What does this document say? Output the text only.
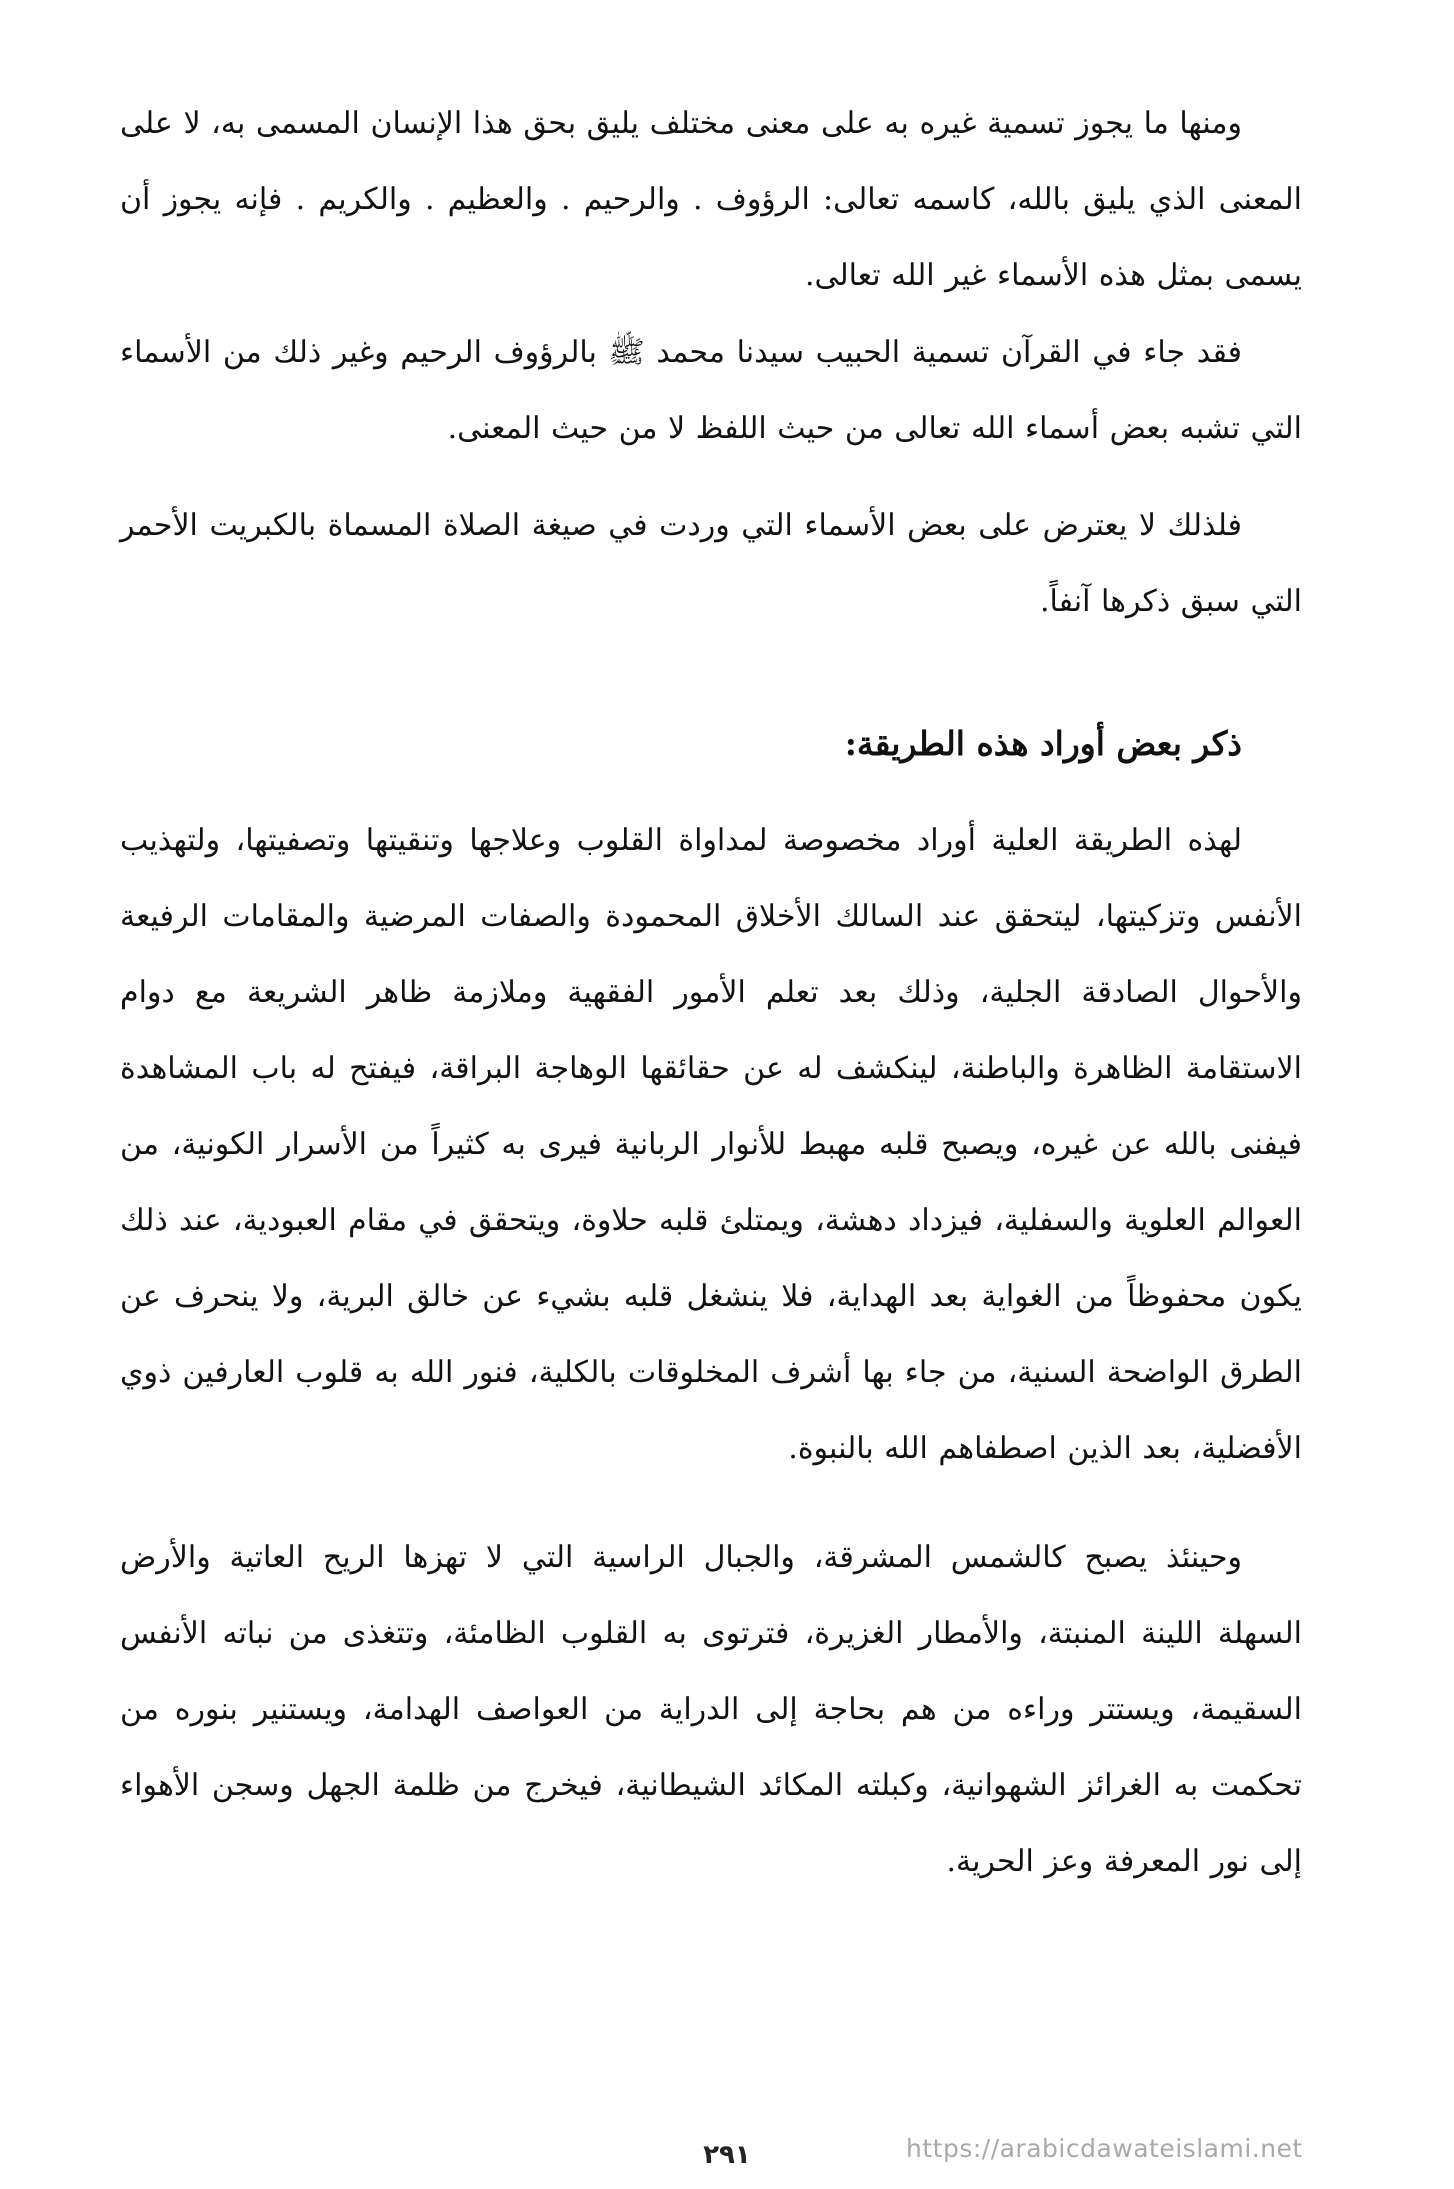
ومنها ما يجوز تسمية غيره به على معنى مختلف يليق بحق هذا الإنسان المسمى به، لا على المعنى الذي يليق بالله، كاسمه تعالى: الرؤوف . والرحيم . والعظيم . والكريم . فإنه يجوز أن يسمى بمثل هذه الأسماء غير الله تعالى.

فقد جاء في القرآن تسمية الحبيب سيدنا محمد ﷺ بالرؤوف الرحيم وغير ذلك من الأسماء التي تشبه بعض أسماء الله تعالى من حيث اللفظ لا من حيث المعنى.

فلذلك لا يعترض على بعض الأسماء التي وردت في صيغة الصلاة المسماة بالكبريت الأحمر التي سبق ذكرها آنفاً.

ذكر بعض أوراد هذه الطريقة:

لهذه الطريقة العلية أوراد مخصوصة لمداواة القلوب وعلاجها وتنقيتها وتصفيتها، ولتهذيب الأنفس وتزكيتها، ليتحقق عند السالك الأخلاق المحمودة والصفات المرضية والمقامات الرفيعة والأحوال الصادقة الجلية، وذلك بعد تعلم الأمور الفقهية وملازمة ظاهر الشريعة مع دوام الاستقامة الظاهرة والباطنة، لينكشف له عن حقائقها الوهاجة البراقة، فيفتح له باب المشاهدة فيفنى بالله عن غيره، ويصبح قلبه مهبط للأنوار الربانية فيرى به كثيراً من الأسرار الكونية، من العوالم العلوية والسفلية، فيزداد دهشة، ويمتلئ قلبه حلاوة، ويتحقق في مقام العبودية، عند ذلك يكون محفوظاً من الغواية بعد الهداية، فلا ينشغل قلبه بشيء عن خالق البرية، ولا ينحرف عن الطرق الواضحة السنية، من جاء بها أشرف المخلوقات بالكلية، فنور الله به قلوب العارفين ذوي الأفضلية، بعد الذين اصطفاهم الله بالنبوة.

وحينئذ يصبح كالشمس المشرقة، والجبال الراسية التي لا تهزها الريح العاتية والأرض السهلة اللينة المنبتة، والأمطار الغزيرة، فترتوى به القلوب الظامئة، وتتغذى من نباته الأنفس السقيمة، ويستتر وراءه من هم بحاجة إلى الدراية من العواصف الهدامة، ويستنير بنوره من تحكمت به الغرائز الشهوانية، وكبلته المكائد الشيطانية، فيخرج من ظلمة الجهل وسجن الأهواء إلى نور المعرفة وعز الحرية.

٢٩١	https://arabicdawateislami.net
